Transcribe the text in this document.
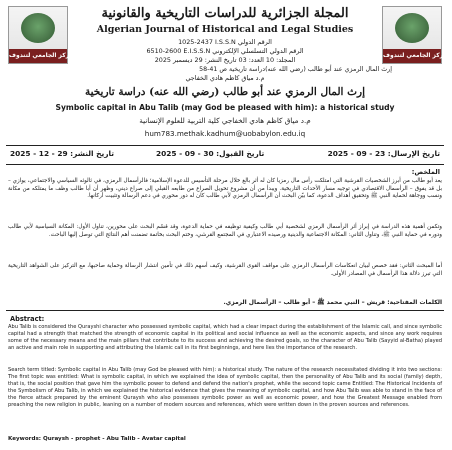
المركز الجامعي لتندوف	المركز الجامعي لتندوف
المجلة الجزائرية للدراسات التاريخية والقانونية
Algerian Journal of Historical and Legal Studies
1025-2437 I.S.S.N الرقم الدولي
6510-2600 E.I.S.S.N الرقم الدولي التسلسلي الإلكتروني
المجلد: 10 العدد: 03 تاريخ النشر: 29 ديسمبر 2025
إرث المال الرمزي عند أبو طالب (رضي الله عنه)دراسة تاريخية ص 41-58
م.د مياق كاظم هادي الخفاجي
إرث المال الرمزي عند أبو طالب (رضي الله عنه) دراسة تاريخية
Symbolic capital in Abu Talib (may God be pleased with him): a historical study
م.د مياق كاظم هادي الخفاجي كلية التربية للعلوم الإنسانية
hum783.methak.kadhum@uobabylon.edu.iq
تاريخ النشر: 29 - 12 - 2025	تاريخ القبول: 30 - 09 - 2025	تاريخ الإرسال: 23 - 09 - 2025
الملخص:
يعد أبو طالب من أبرز الشخصيات القرشية التي امتلكت رأس مال رمزيا كان له أثر بالغ خلال مرحلة التأسيس للدعوة الإسلامية؛ فالرأسمال الرمزي، في ثالوثه السياسي والاجتماعي، يوازي – بل قد يفوق – الرأسمال الاقتصادي في توجيه مسار الأحداث التاريخية. ويبدأ من أن مشروع تحويل الصراع من طابعه القبلي إلى صراع ديني، وظهر أن أبا طالب وظف ما يمتلكه من مكانة ونسب ووجاهة لحماية النبي ﷺ وتحقيق أهداف الدعوة، كما بيّن البحث أن الرأسمال الرمزي لأبي طالب كان له دور محوري في دعم الرسالة وتثبيت أركانها.
وتكمن أهمية هذه الدراسة في إبراز أثر الرأسمال الرمزي لشخصية أبي طالب وكيفية توظيفه في حماية الدعوة، وقد قسّم البحث على محورين، تناول الأول: المكانة السياسية لأبي طالب ودوره في حماية النبي ﷺ، وتناول الثاني: المكانة الاجتماعية والدينية ورصيده الاعتباري في المجتمع القرشي، وختم البحث بخاتمة تضمنت أهم النتائج التي توصل إليها الباحث.
أما المبحث الثاني: فقد خصص لبيان انعكاسات الرأسمال الرمزي على مواقف القوى القرشية، وكيف أسهم ذلك في تأمين انتشار الرسالة وحماية صاحبها، مع التركيز على الشواهد التاريخية التي تبرز دلالة هذا الرأسمال في المصادر الأولى.
الكلمات المفتاحية: قريش – النبي محمد ﷺ – أبو طالب – الرأسمال الرمزي.
Abstract:
Abu Talib is considered the Qurayshi character who possessed symbolic capital, which had a clear impact during the establishment of the Islamic call, and since symbolic capital had a strength that matched the strength of economic capital in its political and social influence as well as the economic aspects, and since any work requires some of the necessary means and the main pillars that contribute to its success and achieving the desired goals, so the character of Abu Talib (Sayyid al-Batha) played an active and main role in supporting and attributing the Islamic call in its first beginnings, and here lies the importance of the research.
Search term titled: Symbolic capital in Abu Talib (may God be pleased with him): a historical study. The nature of the research necessitated dividing it into two sections: The first topic was entitled: What is symbolic capital, in which we explained the idea of symbolic capital, then the personality of Abu Talib and its social (family) depth, that is, the social position that gave him the symbolic power to defend and defend the nation's prophet, while the second topic came Entitled: The Historical Incidents of the Symbolism of Abu Talib, in which we explained the historical evidence that gives the meaning of symbolic capital, and how Abu Talib was able to stand in the face of the fierce attack prepared by the eminent Quraysh who also possesses symbolic power as well as economic power, and how the Greatest Message enabled from preaching the new religion in public, leaning on a number of modern sources and references, which were written down in the proven sources and references.
Keywords: Quraysh - prophet - Abu Talib - Avatar capital
